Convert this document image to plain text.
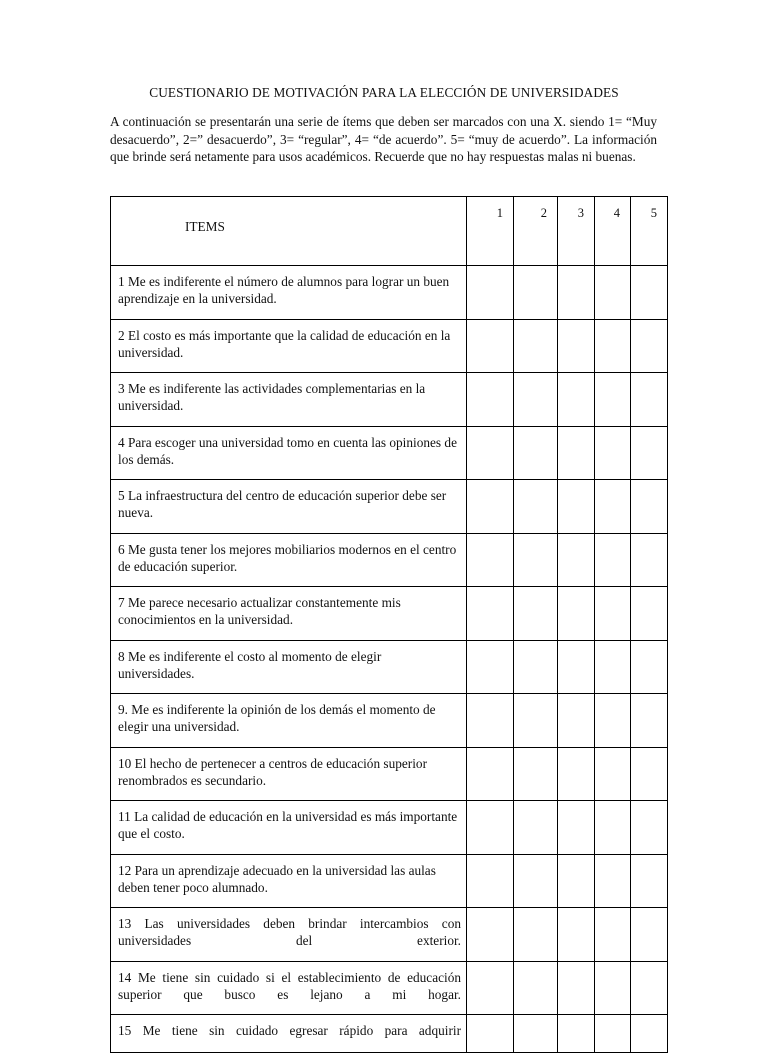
CUESTIONARIO DE MOTIVACIÓN PARA LA ELECCIÓN DE UNIVERSIDADES
A continuación se presentarán una serie de ítems que deben ser marcados con una X. siendo 1= “Muy desacuerdo”, 2=” desacuerdo”, 3= “regular”, 4= “de acuerdo”. 5= “muy de acuerdo”. La información que brinde será netamente para usos académicos. Recuerde que no hay respuestas malas ni buenas.
ITEMS	1	2	3	4	5
1 Me es indiferente el número de alumnos para lograr un buen aprendizaje en la universidad.					
2 El costo es más importante que la calidad de educación en la universidad.					
3 Me es indiferente las actividades complementarias en la universidad.					
4 Para escoger una universidad tomo en cuenta las opiniones de los demás.					
5 La infraestructura del centro de educación superior debe ser nueva.					
6 Me gusta tener los mejores mobiliarios modernos en el centro de educación superior.					
7 Me parece necesario actualizar constantemente mis conocimientos en la universidad.					
8 Me es indiferente el costo al momento de elegir universidades.					
9. Me es indiferente la opinión de los demás el momento de elegir una universidad.					
10 El hecho de pertenecer a centros de educación superior renombrados es secundario.					
11 La calidad de educación en la universidad es más importante que el costo.					
12 Para un aprendizaje adecuado en la universidad las aulas deben tener poco alumnado.					
13 Las universidades deben brindar intercambios con universidades del exterior.					
14 Me tiene sin cuidado si el establecimiento de educación superior que busco es lejano a mi hogar.					
15 Me tiene sin cuidado egresar rápido para adquirir					
